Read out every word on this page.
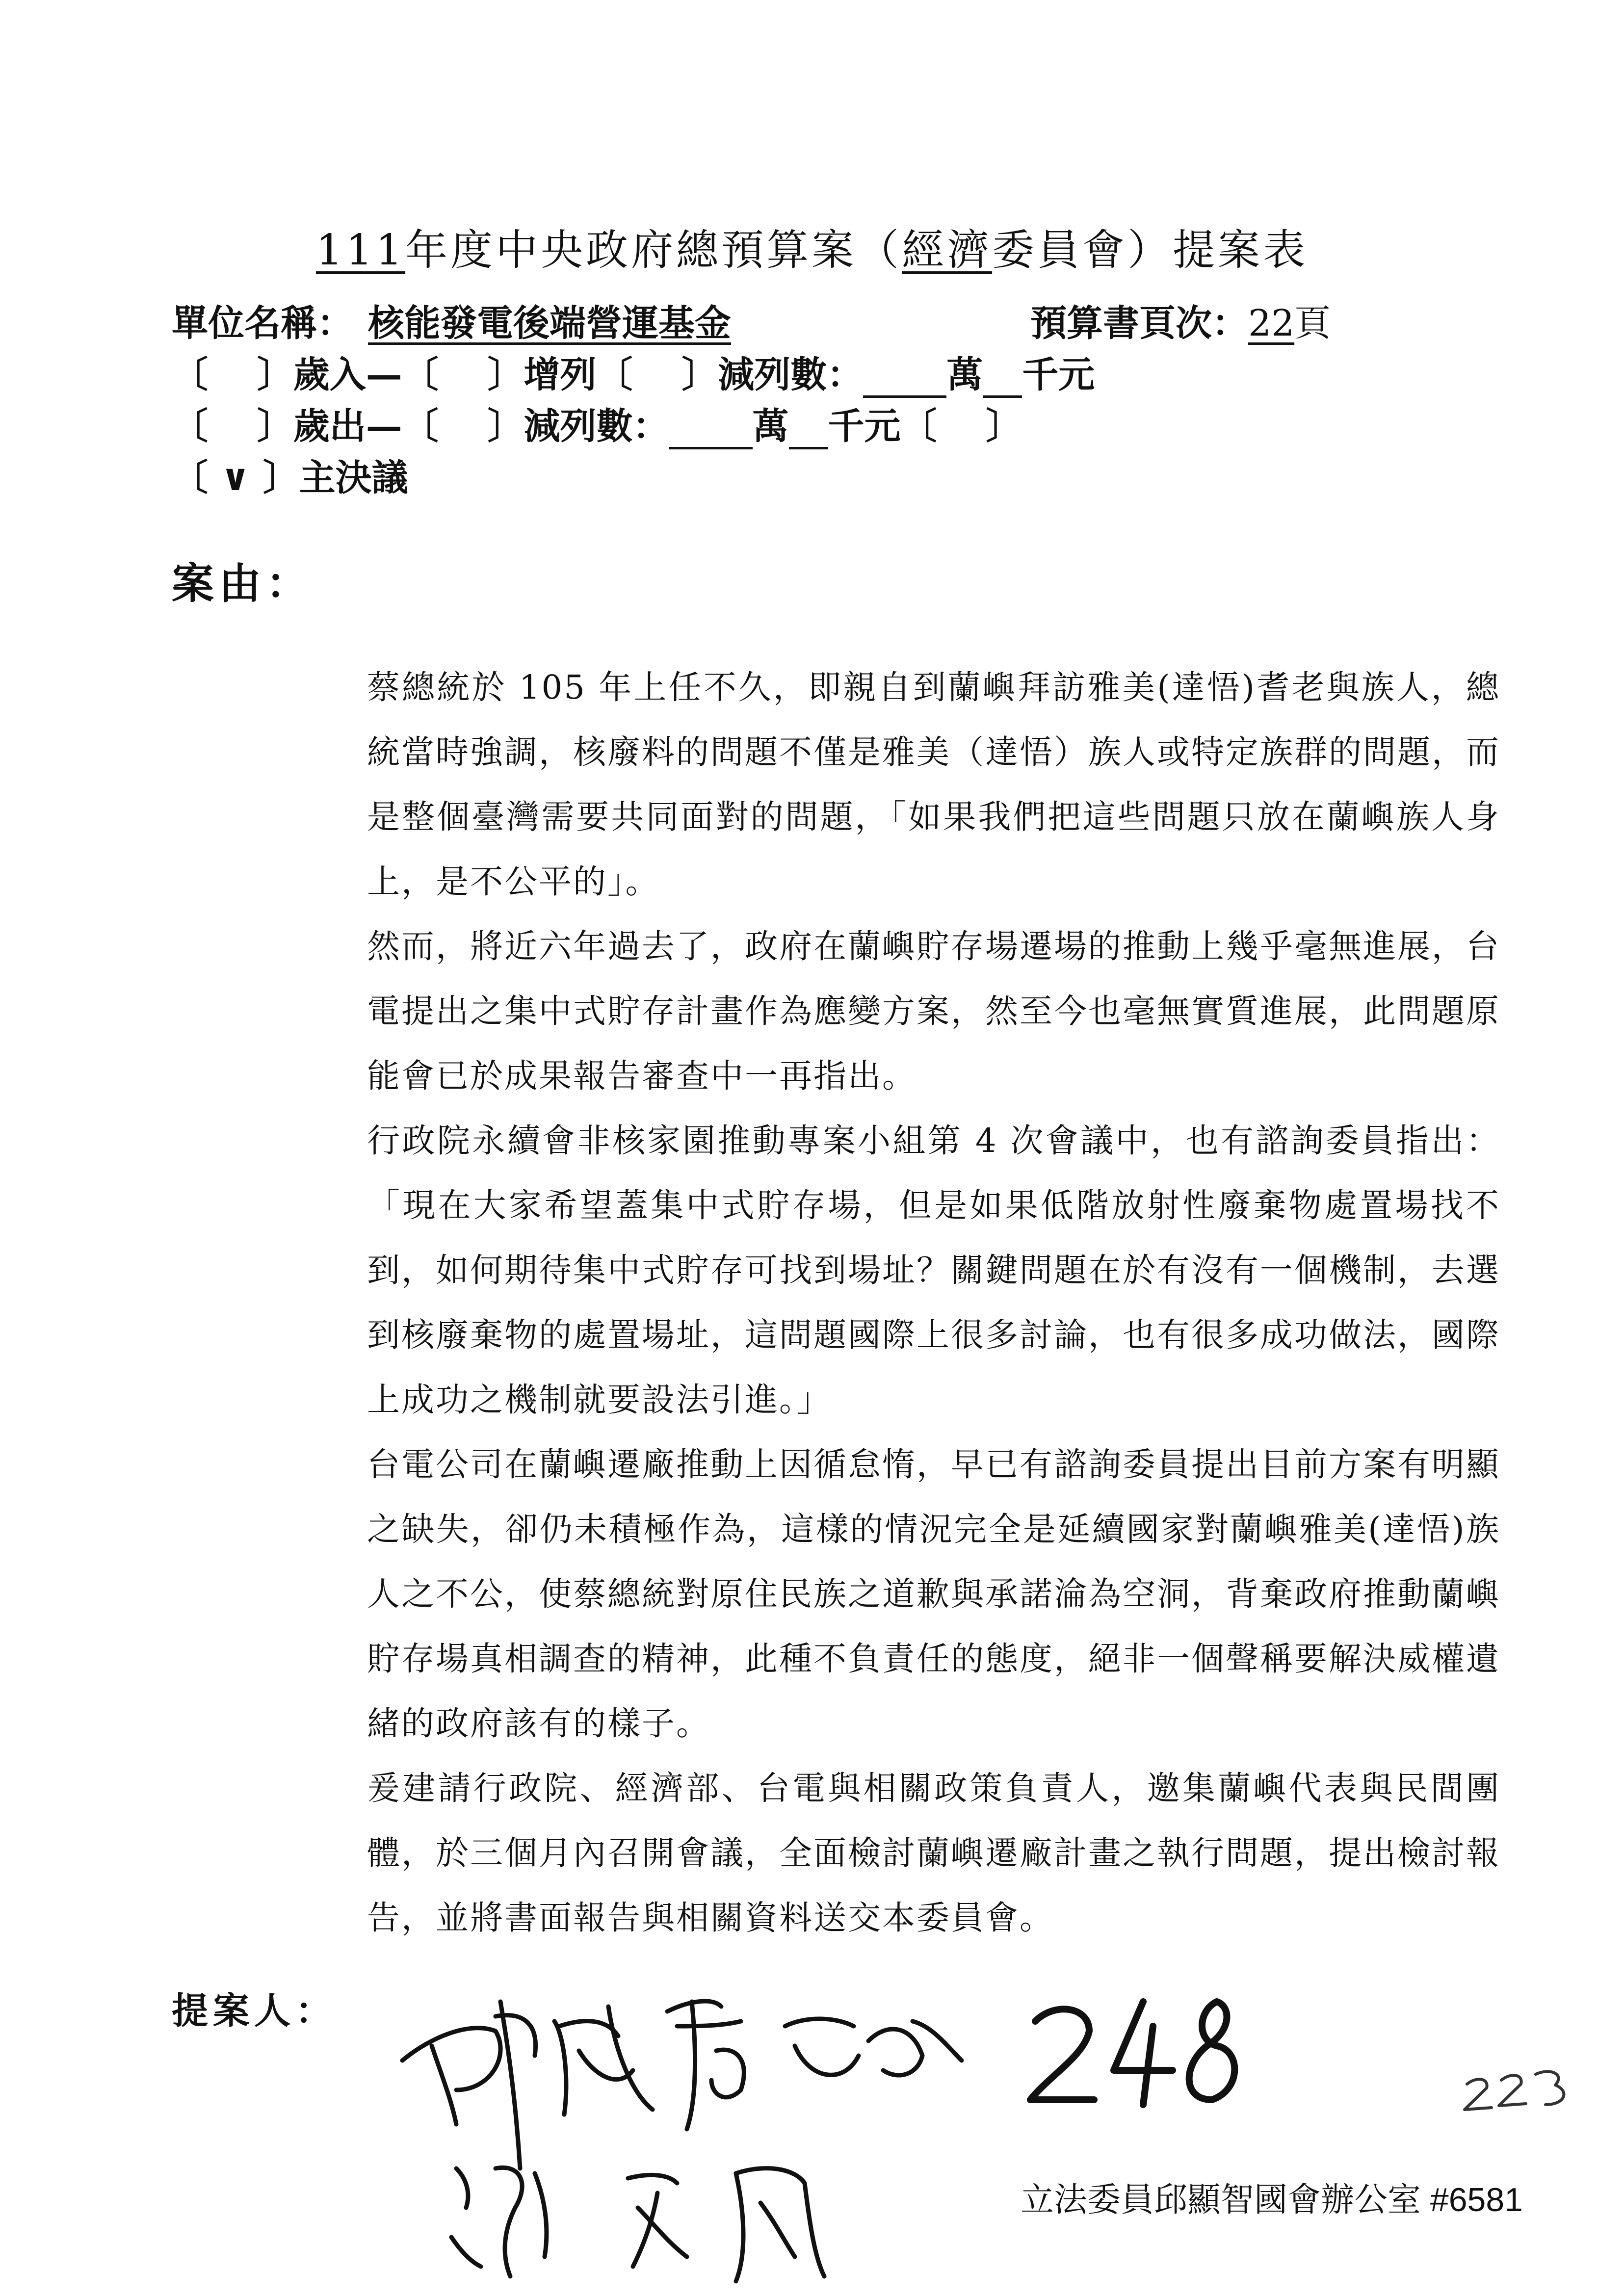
111年度中央政府總預算案（經濟委員會）提案表
單位名稱： 核能發電後端營運基金	預算書頁次：22頁
〔　 〕歲入—〔　 〕增列〔　 〕減列數： 萬 千元
〔　 〕歲出—〔　 〕減列數： 萬 千元〔　 〕
〔 ∨ 〕主決議
案由：

蔡總統於 105 年上任不久，即親自到蘭嶼拜訪雅美(達悟)耆老與族人，總統當時強調，核廢料的問題不僅是雅美（達悟）族人或特定族群的問題，而是整個臺灣需要共同面對的問題，「如果我們把這些問題只放在蘭嶼族人身上，是不公平的」。

然而，將近六年過去了，政府在蘭嶼貯存場遷場的推動上幾乎毫無進展，台電提出之集中式貯存計畫作為應變方案，然至今也毫無實質進展，此問題原能會已於成果報告審查中一再指出。

行政院永續會非核家園推動專案小組第 4 次會議中，也有諮詢委員指出：「現在大家希望蓋集中式貯存場，但是如果低階放射性廢棄物處置場找不到，如何期待集中式貯存可找到場址？關鍵問題在於有沒有一個機制，去選到核廢棄物的處置場址，這問題國際上很多討論，也有很多成功做法，國際上成功之機制就要設法引進。」

台電公司在蘭嶼遷廠推動上因循怠惰，早已有諮詢委員提出目前方案有明顯之缺失，卻仍未積極作為，這樣的情況完全是延續國家對蘭嶼雅美(達悟)族人之不公，使蔡總統對原住民族之道歉與承諾淪為空洞，背棄政府推動蘭嶼貯存場真相調查的精神，此種不負責任的態度，絕非一個聲稱要解決威權遺緒的政府該有的樣子。

爰建請行政院、經濟部、台電與相關政策負責人，邀集蘭嶼代表與民間團體，於三個月內召開會議，全面檢討蘭嶼遷廠計畫之執行問題，提出檢討報告，並將書面報告與相關資料送交本委員會。

提案人：
立法委員邱顯智國會辦公室 #6581
